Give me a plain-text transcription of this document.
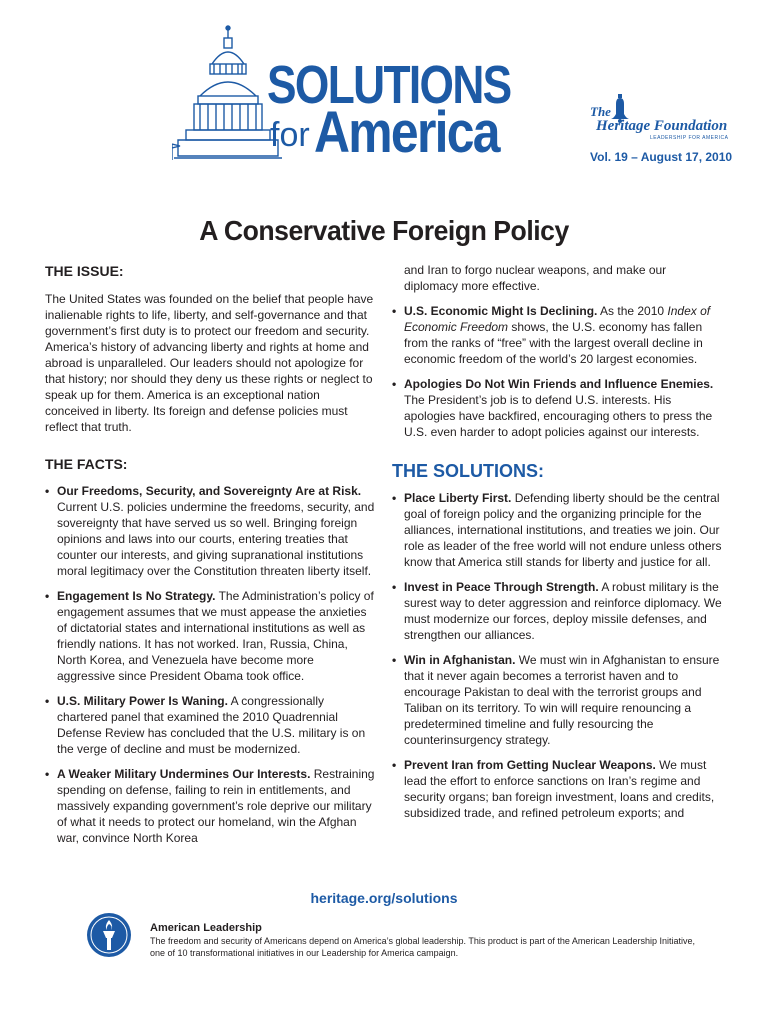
SOLUTIONS
for America	The
Heritage Foundation
LEADERSHIP FOR AMERICA
Vol. 19 – August 17, 2010
A Conservative Foreign Policy
THE ISSUE:

The United States was founded on the belief that people have inalienable rights to life, liberty, and self-governance and that government’s first duty is to protect our freedom and security. America’s history of advancing liberty and rights at home and abroad is unparalleled. Our leaders should not apologize for that history; nor should they deny us these rights or neglect to speak up for them. America is an exceptional nation conceived in liberty. Its foreign and defense policies must reflect that truth.

THE FACTS:
• Our Freedoms, Security, and Sovereignty Are at Risk. Current U.S. policies undermine the freedoms, security, and sovereignty that have served us so well. Bringing foreign opinions and laws into our courts, entering treaties that counter our interests, and giving supranational institutions moral legitimacy over the Constitution threaten liberty itself.
• Engagement Is No Strategy. The Administration’s policy of engagement assumes that we must appease the anxieties of dictatorial states and international institutions as well as friendly nations. It has not worked. Iran, Russia, China, North Korea, and Venezuela have become more aggressive since President Obama took office.
• U.S. Military Power Is Waning. A congressionally chartered panel that examined the 2010 Quadrennial Defense Review has concluded that the U.S. military is on the verge of decline and must be modernized.
• A Weaker Military Undermines Our Interests. Restraining spending on defense, failing to rein in entitlements, and massively expanding government’s role deprive our military of what it needs to protect our homeland, win the Afghan war, convince North Korea

and Iran to forgo nuclear weapons, and make our diplomacy more effective.

• U.S. Economic Might Is Declining. As the 2010 Index of Economic Freedom shows, the U.S. economy has fallen from the ranks of “free” with the largest overall decline in economic freedom of the world’s 20 largest economies.
• Apologies Do Not Win Friends and Influence Enemies. The President’s job is to defend U.S. interests. His apologies have backfired, encouraging others to press the U.S. even harder to adopt policies against our interests.
THE SOLUTIONS:
• Place Liberty First. Defending liberty should be the central goal of foreign policy and the organizing principle for the alliances, international institutions, and treaties we join. Our role as leader of the free world will not endure unless others know that America still stands for liberty and justice for all.
• Invest in Peace Through Strength. A robust military is the surest way to deter aggression and reinforce diplomacy. We must modernize our forces, deploy missile defenses, and strengthen our alliances.
• Win in Afghanistan. We must win in Afghanistan to ensure that it never again becomes a terrorist haven and to encourage Pakistan to deal with the terrorist groups and Taliban on its territory. To win will require renouncing a predetermined timeline and fully resourcing the counterinsurgency strategy.
• Prevent Iran from Getting Nuclear Weapons. We must lead the effort to enforce sanctions on Iran’s regime and security organs; ban foreign investment, loans and credits, subsidized trade, and refined petroleum exports; and
heritage.org/solutions
American Leadership
The freedom and security of Americans depend on America’s global leadership. This product is part of the American Leadership Initiative, one of 10 transformational initiatives in our Leadership for America campaign.
